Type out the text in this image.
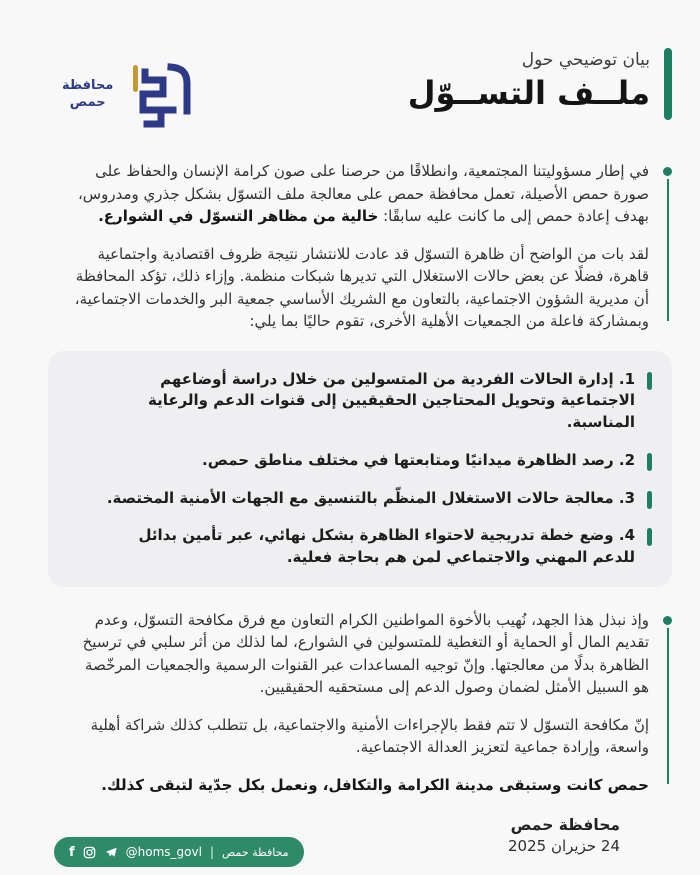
بيان توضيحي حول
ملــف التســوّل
محافظة
حمص
في إطار مسؤوليتنا المجتمعية، وانطلاقًا من حرصنا على صون كرامة الإنسان والحفاظ على صورة حمص الأصيلة، تعمل محافظة حمص على معالجة ملف التسوّل بشكل جذري ومدروس، بهدف إعادة حمص إلى ما كانت عليه سابقًا: خالية من مظاهر التسوّل في الشوارع.
لقد بات من الواضح أن ظاهرة التسوّل قد عادت للانتشار نتيجة ظروف اقتصادية واجتماعية قاهرة، فضلًا عن بعض حالات الاستغلال التي تديرها شبكات منظمة. وإزاء ذلك، تؤكد المحافظة أن مديرية الشؤون الاجتماعية، بالتعاون مع الشريك الأساسي جمعية البر والخدمات الاجتماعية، وبمشاركة فاعلة من الجمعيات الأهلية الأخرى، تقوم حاليًا بما يلي:
1. إدارة الحالات الفردية من المتسولين من خلال دراسة أوضاعهم الاجتماعية وتحويل المحتاجين الحقيقيين إلى قنوات الدعم والرعاية المناسبة.
2. رصد الظاهرة ميدانيًا ومتابعتها في مختلف مناطق حمص.
3. معالجة حالات الاستغلال المنظّم بالتنسيق مع الجهات الأمنية المختصة.
4. وضع خطة تدريجية لاحتواء الظاهرة بشكل نهائي، عبر تأمين بدائل للدعم المهني والاجتماعي لمن هم بحاجة فعلية.
وإذ نبذل هذا الجهد، نُهيب بالأخوة المواطنين الكرام التعاون مع فرق مكافحة التسوّل، وعدم تقديم المال أو الحماية أو التغطية للمتسولين في الشوارع، لما لذلك من أثر سلبي في ترسيخ الظاهرة بدلًا من معالجتها. وإنّ توجيه المساعدات عبر القنوات الرسمية والجمعيات المرخّصة هو السبيل الأمثل لضمان وصول الدعم إلى مستحقيه الحقيقيين.
إنّ مكافحة التسوّل لا تتم فقط بالإجراءات الأمنية والاجتماعية، بل تتطلب كذلك شراكة أهلية واسعة، وإرادة جماعية لتعزيز العدالة الاجتماعية.
حمص كانت وستبقى مدينة الكرامة والتكافل، ونعمل بكل جدّية لتبقى كذلك.
محافظة حمص
24 حزيران 2025
f	@homs_govl | محافظة حمص
